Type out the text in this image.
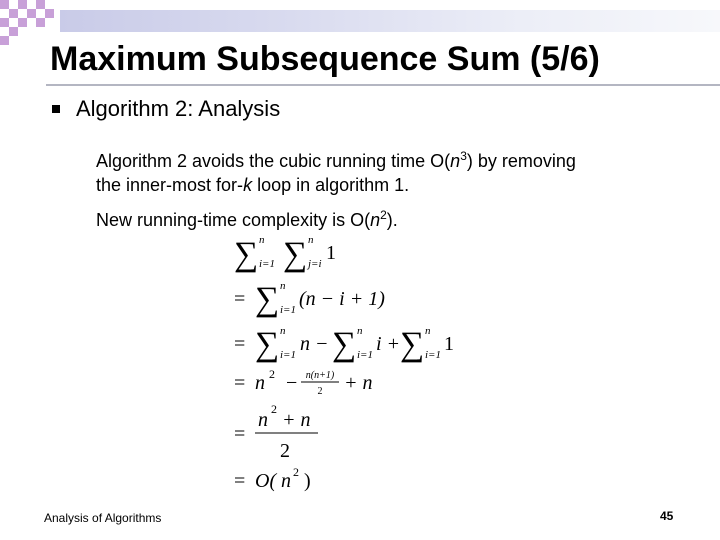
Maximum Subsequence Sum (5/6)
Algorithm 2: Analysis
Algorithm 2 avoids the cubic running time $O(n^3)$ by removing
the inner-most for-k loop in algorithm 1.
New running-time complexity is $O(n^2)$.
∑ n
i=1 ∑ n
j=i 1
= ∑ n
i=1 (n − i + 1)
= ∑ n
i=1 n − ∑ n
i=1 i + ∑ n
i=1 1
= n 2 − n(n+1)
2 + n
=
n 2 + n
2
= O( n 2 )
Analysis of Algorithms	45
